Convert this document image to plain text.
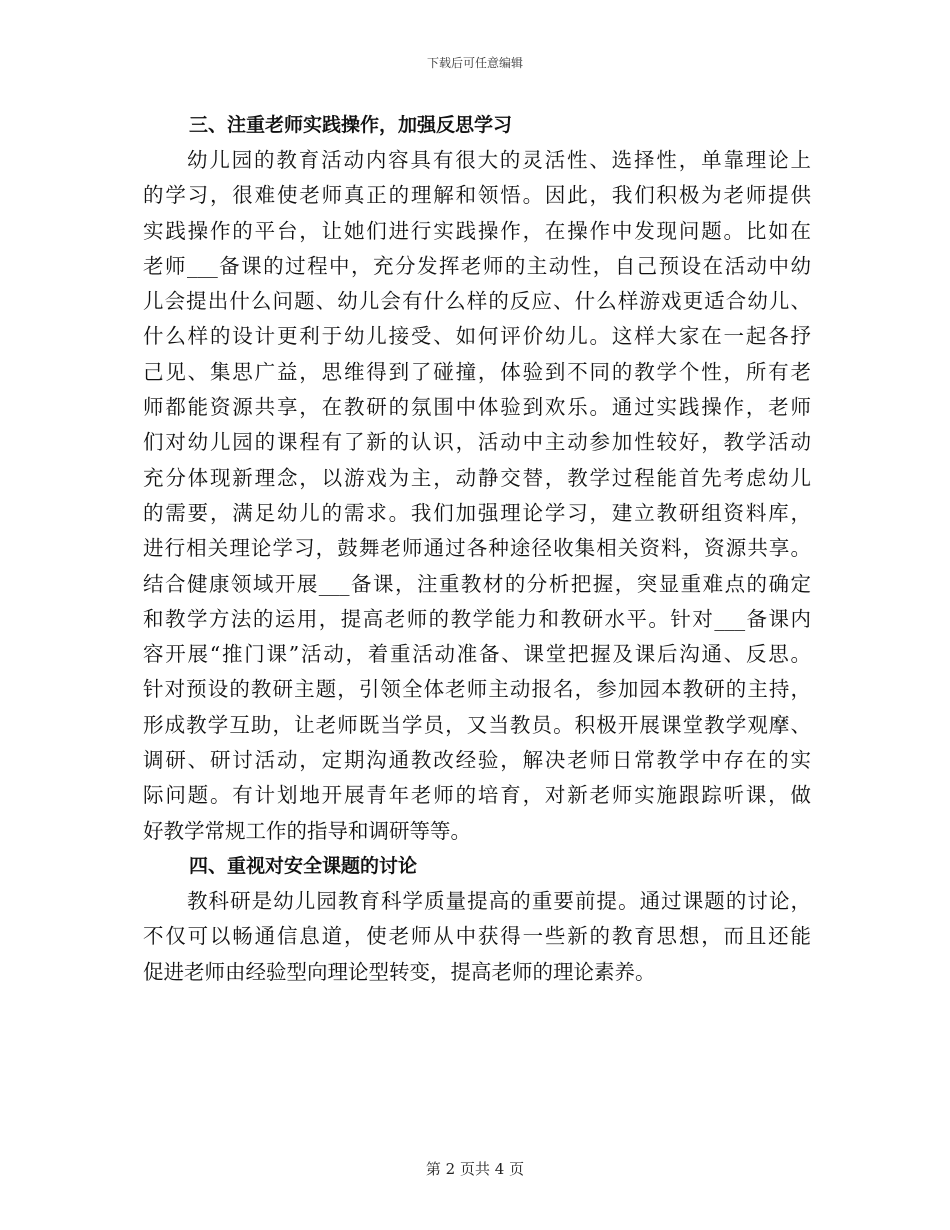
下载后可任意编辑
三、注重老师实践操作，加强反思学习
幼儿园的教育活动内容具有很大的灵活性、选择性，单靠理论上
的学习，很难使老师真正的理解和领悟。因此，我们积极为老师提供
实践操作的平台，让她们进行实践操作，在操作中发现问题。比如在
老师___备课的过程中，充分发挥老师的主动性，自己预设在活动中幼
儿会提出什么问题、幼儿会有什么样的反应、什么样游戏更适合幼儿、
什么样的设计更利于幼儿接受、如何评价幼儿。这样大家在一起各抒
己见、集思广益，思维得到了碰撞，体验到不同的教学个性，所有老
师都能资源共享，在教研的氛围中体验到欢乐。通过实践操作，老师
们对幼儿园的课程有了新的认识，活动中主动参加性较好，教学活动
充分体现新理念，以游戏为主，动静交替，教学过程能首先考虑幼儿
的需要，满足幼儿的需求。我们加强理论学习，建立教研组资料库，
进行相关理论学习，鼓舞老师通过各种途径收集相关资料，资源共享。
结合健康领域开展___备课，注重教材的分析把握，突显重难点的确定
和教学方法的运用，提高老师的教学能力和教研水平。针对___备课内
容开展“推门课”活动，着重活动准备、课堂把握及课后沟通、反思。
针对预设的教研主题，引领全体老师主动报名，参加园本教研的主持，
形成教学互助，让老师既当学员，又当教员。积极开展课堂教学观摩、
调研、研讨活动，定期沟通教改经验，解决老师日常教学中存在的实
际问题。有计划地开展青年老师的培育，对新老师实施跟踪听课，做
好教学常规工作的指导和调研等等。
四、重视对安全课题的讨论
教科研是幼儿园教育科学质量提高的重要前提。通过课题的讨论，
不仅可以畅通信息道，使老师从中获得一些新的教育思想，而且还能
促进老师由经验型向理论型转变，提高老师的理论素养。
第 2 页共 4 页
